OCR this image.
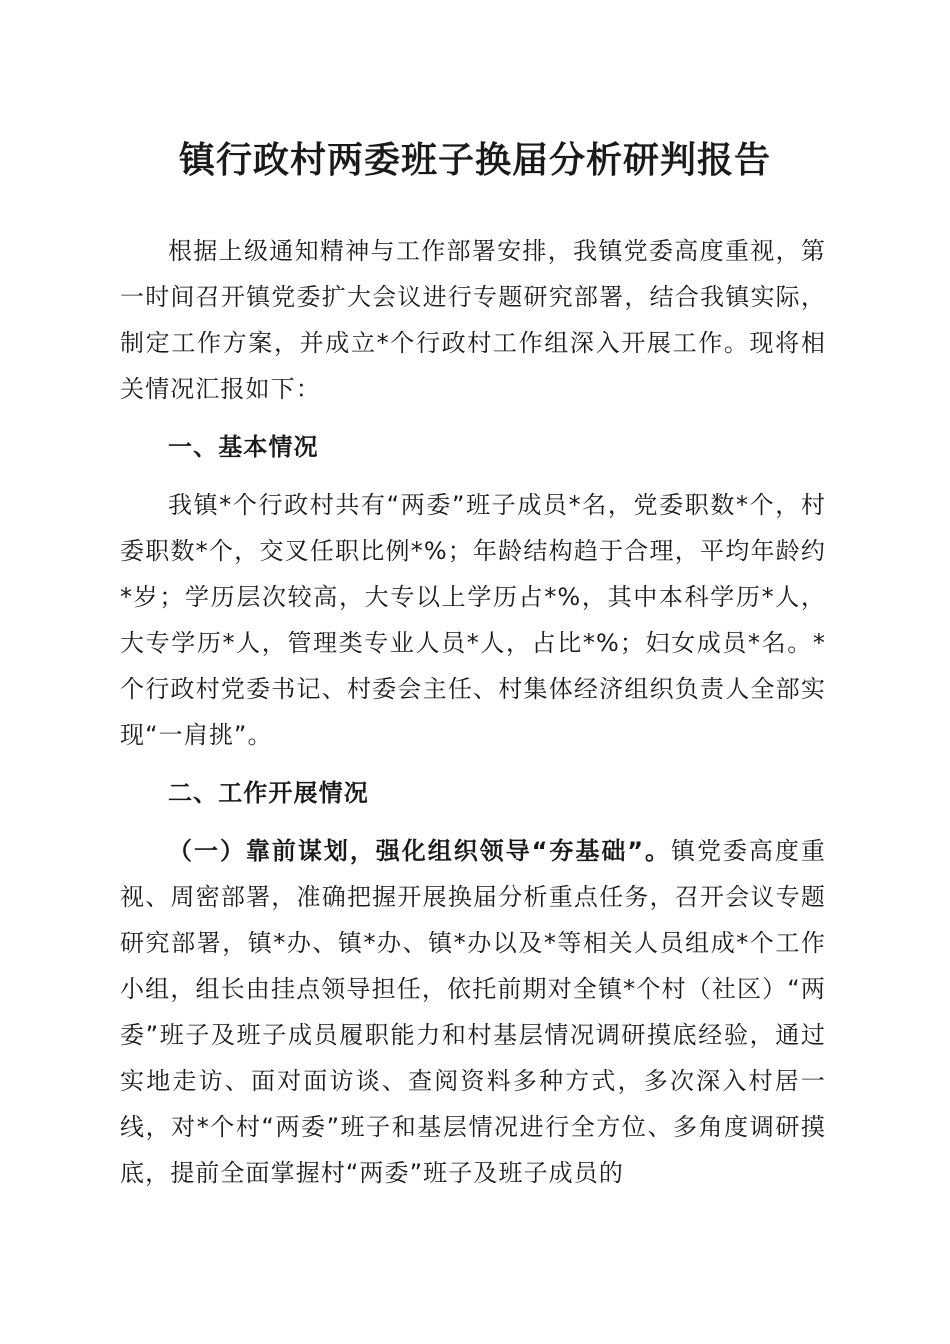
镇行政村两委班子换届分析研判报告

根据上级通知精神与工作部署安排，我镇党委高度重视，第一时间召开镇党委扩大会议进行专题研究部署，结合我镇实际，制定工作方案，并成立*个行政村工作组深入开展工作。现将相关情况汇报如下：

一、基本情况

我镇*个行政村共有“两委”班子成员*名，党委职数*个，村委职数*个，交叉任职比例*%；年龄结构趋于合理，平均年龄约*岁；学历层次较高，大专以上学历占*%，其中本科学历*人，大专学历*人，管理类专业人员*人，占比*%；妇女成员*名。*个行政村党委书记、村委会主任、村集体经济组织负责人全部实现“一肩挑”。

二、工作开展情况

（一）靠前谋划，强化组织领导“夯基础”。镇党委高度重视、周密部署，准确把握开展换届分析重点任务，召开会议专题研究部署，镇*办、镇*办、镇*办以及*等相关人员组成*个工作小组，组长由挂点领导担任，依托前期对全镇*个村（社区）“两委”班子及班子成员履职能力和村基层情况调研摸底经验，通过实地走访、面对面访谈、查阅资料多种方式，多次深入村居一线，对*个村“两委”班子和基层情况进行全方位、多角度调研摸底，提前全面掌握村“两委”班子及班子成员的
